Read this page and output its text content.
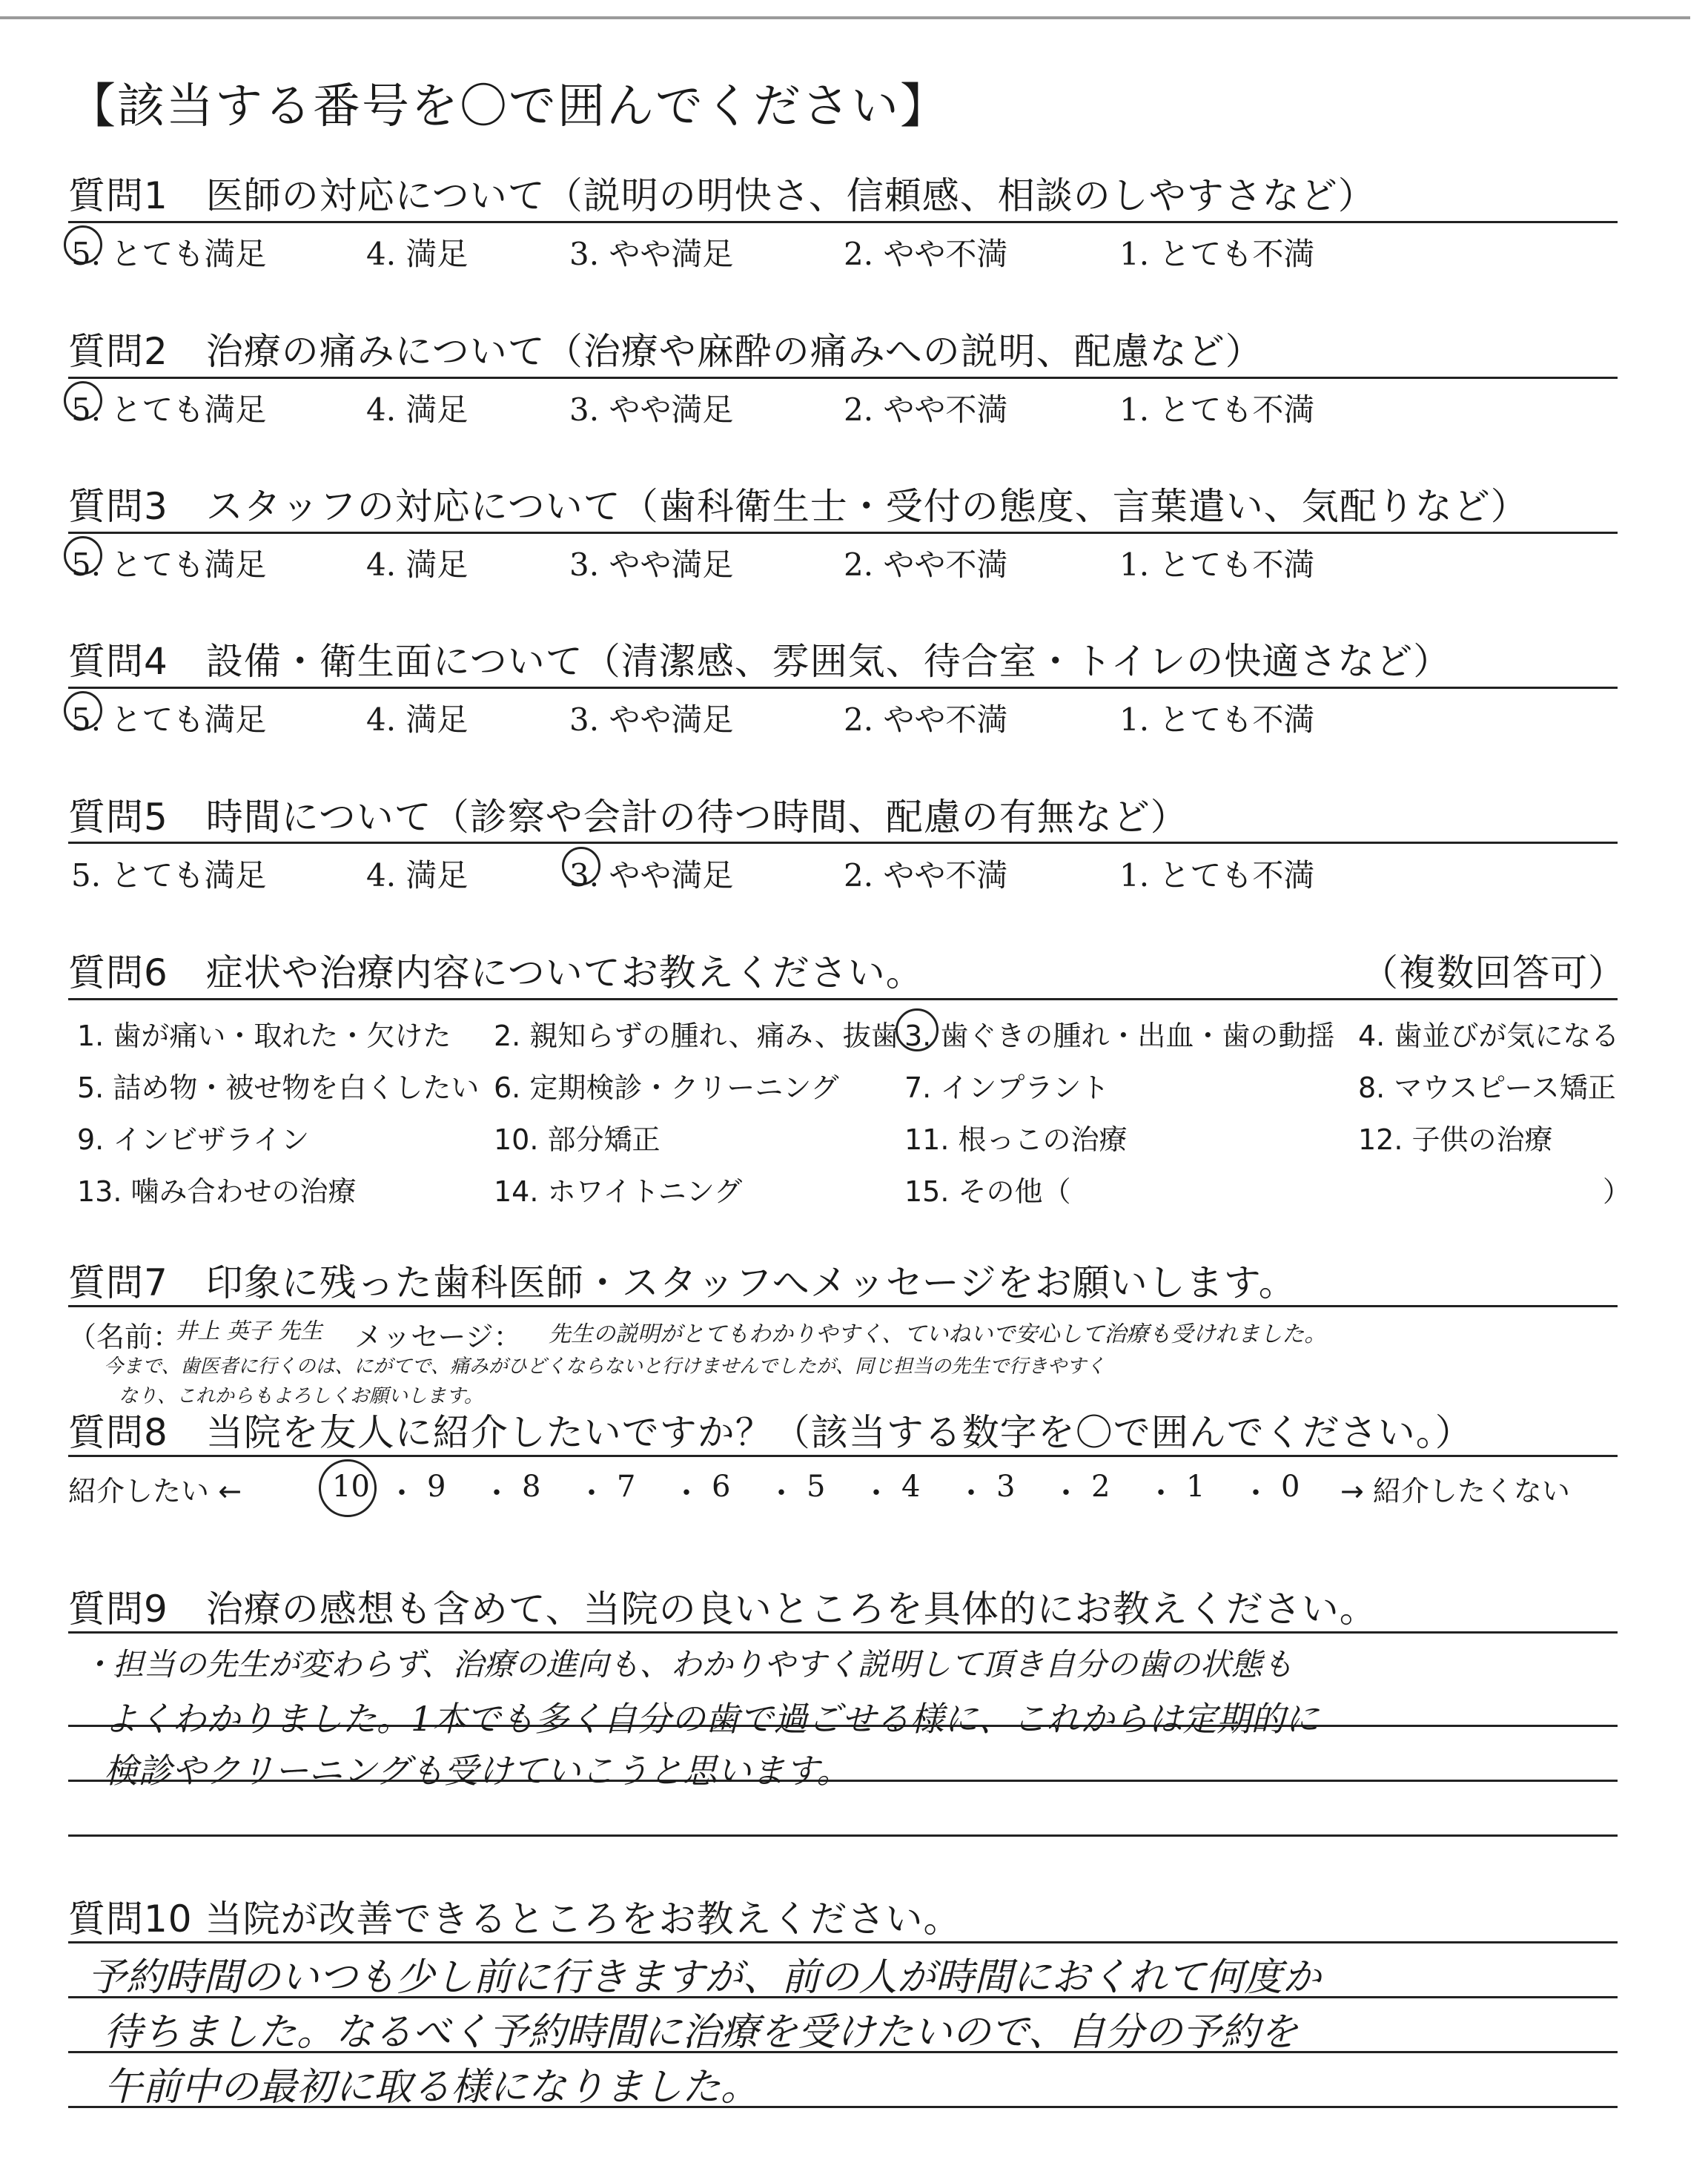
【該当する番号を〇で囲んでください】
質問1　医師の対応について（説明の明快さ、信頼感、相談のしやすさなど）
5. とても満足	4. 満足	3. やや満足	2. やや不満	1. とても不満
質問2　治療の痛みについて（治療や麻酔の痛みへの説明、配慮など）
5. とても満足	4. 満足	3. やや満足	2. やや不満	1. とても不満
質問3　スタッフの対応について（歯科衛生士・受付の態度、言葉遣い、気配りなど）
5. とても満足	4. 満足	3. やや満足	2. やや不満	1. とても不満
質問4　設備・衛生面について（清潔感、雰囲気、待合室・トイレの快適さなど）
5. とても満足	4. 満足	3. やや満足	2. やや不満	1. とても不満
質問5　時間について（診察や会計の待つ時間、配慮の有無など）
5. とても満足	4. 満足	3. やや満足	2. やや不満	1. とても不満
質問6　症状や治療内容についてお教えください。	（複数回答可）
1. 歯が痛い・取れた・欠けた 2. 親知らずの腫れ、痛み、抜歯 3. 歯ぐきの腫れ・出血・歯の動揺 4. 歯並びが気になる
5. 詰め物・被せ物を白くしたい 6. 定期検診・クリーニング 7. インプラント	8. マウスピース矯正
9. インビザライン	10. 部分矯正	11. 根っこの治療	12. 子供の治療
13. 噛み合わせの治療	14. ホワイトニング	15. その他（	）
質問7　印象に残った歯科医師・スタッフへメッセージをお願いします。
（名前：
井上 英子 先生 メッセージ： 先生の説明がとてもわかりやすく、ていねいで安心して治療も受けれました。
今まで、歯医者に行くのは、にがてで、痛みがひどくならないと行けませんでしたが、同じ担当の先生で行きやすく
なり、これからもよろしくお願いします。
質問8　当院を友人に紹介したいですか？（該当する数字を〇で囲んでください。）
紹介したい ←	10 ・ 9 ・ 8 ・ 7 ・ 6 ・ 5 ・ 4 ・ 3 ・ 2 ・ 1 ・ 0 → 紹介したくない
質問9　治療の感想も含めて、当院の良いところを具体的にお教えください。
・担当の先生が変わらず、治療の進向も、わかりやすく説明して頂き自分の歯の状態も
よくわかりました。1本でも多く自分の歯で過ごせる様に、これからは定期的に
検診やクリーニングも受けていこうと思います。
質問10 当院が改善できるところをお教えください。
予約時間のいつも少し前に行きますが、前の人が時間におくれて何度か
待ちました。なるべく予約時間に治療を受けたいので、自分の予約を
午前中の最初に取る様になりました。
